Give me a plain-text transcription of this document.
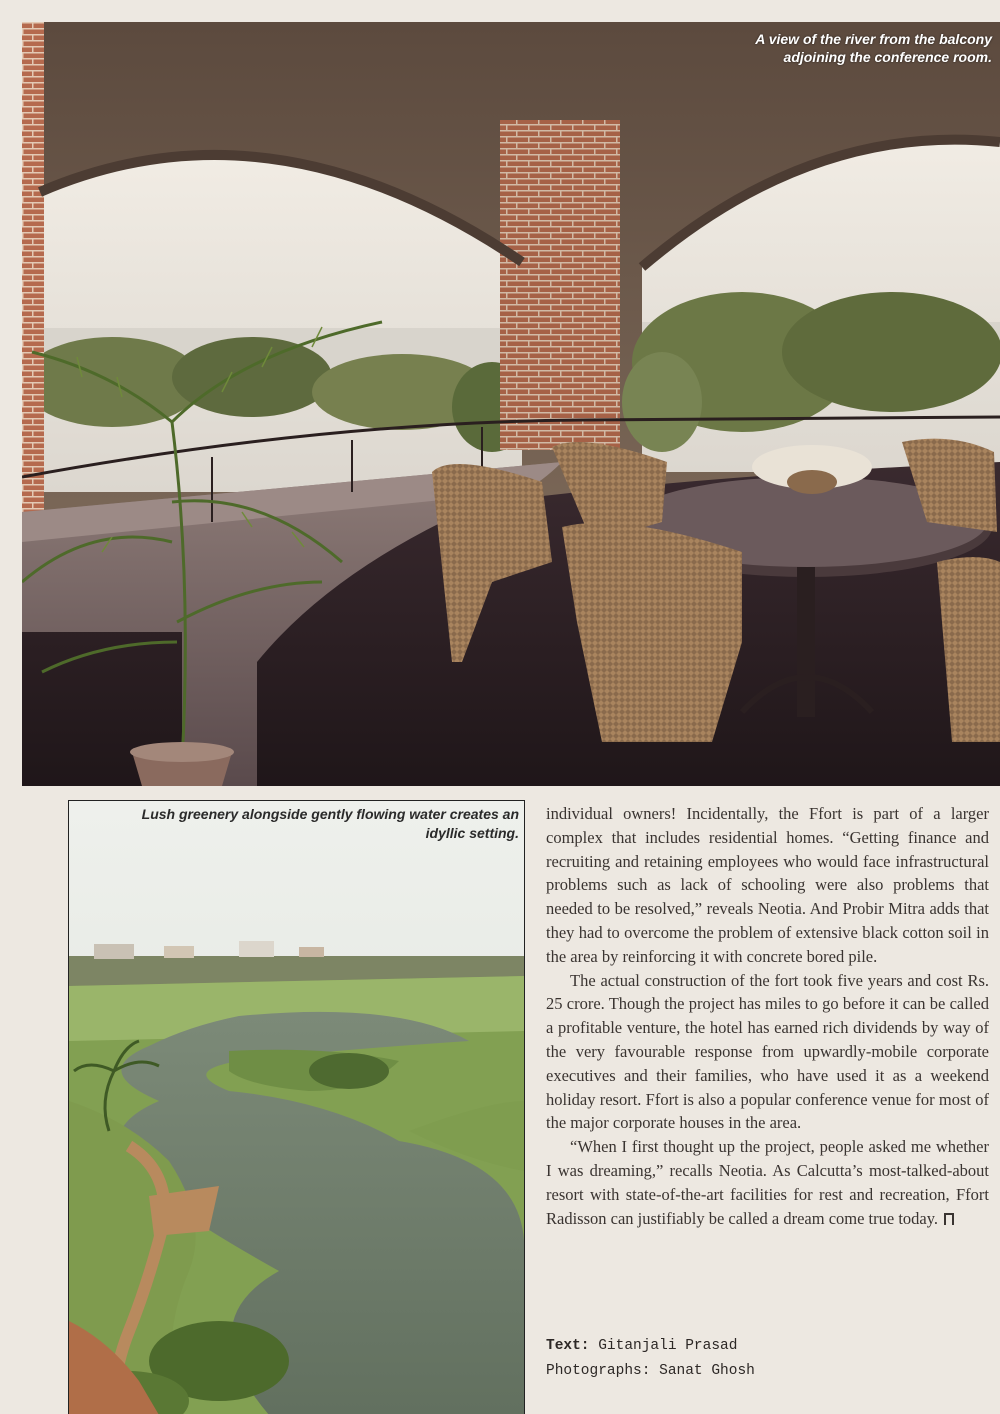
A view of the river from the balcony
adjoining the conference room.
Lush greenery alongside gently flowing water creates an
idyllic setting.

individual owners! Incidentally, the Ffort is part of a larger complex that includes residential homes. “Getting finance and recruiting and retaining employees who would face infrastructural problems such as lack of schooling were also problems that needed to be resolved,” reveals Neotia. And Probir Mitra adds that they had to overcome the problem of extensive black cotton soil in the area by reinforcing it with concrete bored pile.

The actual construction of the fort took five years and cost Rs. 25 crore. Though the project has miles to go before it can be called a profitable venture, the hotel has earned rich dividends by way of the very favourable response from upwardly-mobile corporate executives and their families, who have used it as a weekend holiday resort. Ffort is also a popular conference venue for most of the major corporate houses in the area.

“When I first thought up the project, people asked me whether I was dreaming,” recalls Neotia. As Calcutta’s most-talked-about resort with state-of-the-art facilities for rest and recreation, Ffort Radisson can justifiably be called a dream come true today.

Text: Gitanjali Prasad
Photographs: Sanat Ghosh
